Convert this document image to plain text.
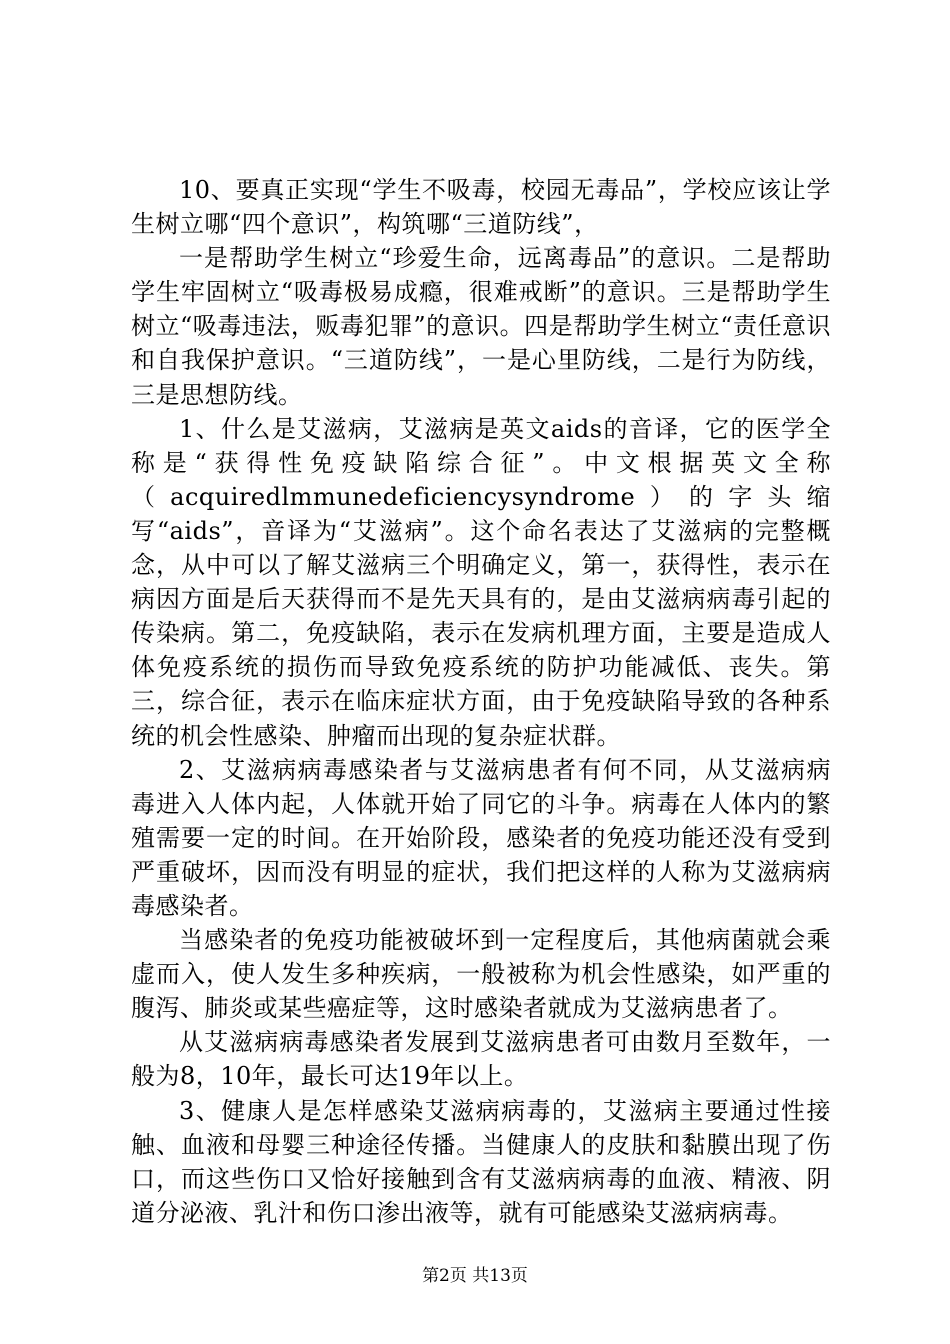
10、要真正实现“学生不吸毒，校园无毒品”，学校应该让学生树立哪“四个意识”，构筑哪“三道防线”，

一是帮助学生树立“珍爱生命，远离毒品”的意识。二是帮助学生牢固树立“吸毒极易成瘾，很难戒断”的意识。三是帮助学生树立“吸毒违法，贩毒犯罪”的意识。四是帮助学生树立“责任意识和自我保护意识。“三道防线”，一是心里防线，二是行为防线，三是思想防线。

1、什么是艾滋病，艾滋病是英文aids的音译，它的医学全称是“获得性免疫缺陷综合征”。中文根据英文全称（acquiredlmmunedeficiencysyndrome）的字头缩写“aids”，音译为“艾滋病”。这个命名表达了艾滋病的完整概念，从中可以了解艾滋病三个明确定义，第一，获得性，表示在病因方面是后天获得而不是先天具有的，是由艾滋病病毒引起的传染病。第二，免疫缺陷，表示在发病机理方面，主要是造成人体免疫系统的损伤而导致免疫系统的防护功能减低、丧失。第三，综合征，表示在临床症状方面，由于免疫缺陷导致的各种系统的机会性感染、肿瘤而出现的复杂症状群。

2、艾滋病病毒感染者与艾滋病患者有何不同，从艾滋病病毒进入人体内起，人体就开始了同它的斗争。病毒在人体内的繁殖需要一定的时间。在开始阶段，感染者的免疫功能还没有受到严重破坏，因而没有明显的症状，我们把这样的人称为艾滋病病毒感染者。

当感染者的免疫功能被破坏到一定程度后，其他病菌就会乘虚而入，使人发生多种疾病，一般被称为机会性感染，如严重的腹泻、肺炎或某些癌症等，这时感染者就成为艾滋病患者了。

从艾滋病病毒感染者发展到艾滋病患者可由数月至数年，一般为8，10年，最长可达19年以上。

3、健康人是怎样感染艾滋病病毒的，艾滋病主要通过性接触、血液和母婴三种途径传播。当健康人的皮肤和黏膜出现了伤口，而这些伤口又恰好接触到含有艾滋病病毒的血液、精液、阴道分泌液、乳汁和伤口渗出液等，就有可能感染艾滋病病毒。

第2页 共13页
